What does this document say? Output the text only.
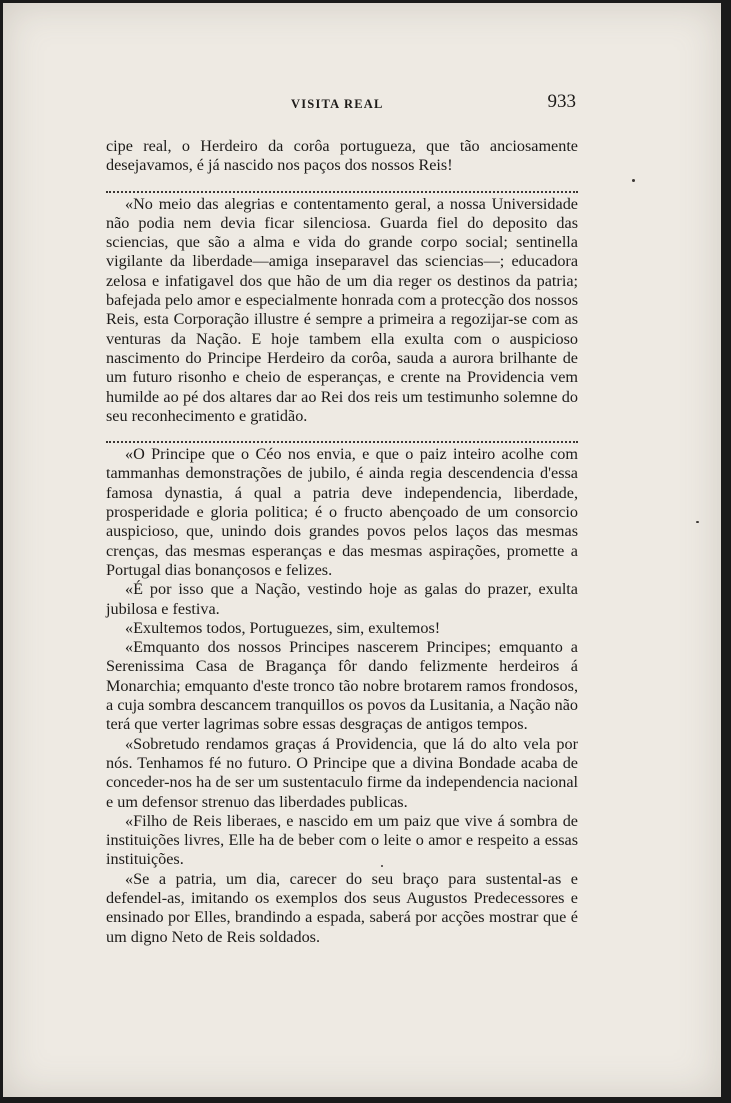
VISITA REAL	933

cipe real, o Herdeiro da corôa portugueza, que tão anciosamente desejavamos, é já nascido nos paços dos nossos Reis!

«No meio das alegrias e contentamento geral, a nossa Universidade não podia nem devia ficar silenciosa. Guarda fiel do deposito das sciencias, que são a alma e vida do grande corpo social; sentinella vigilante da liberdade—amiga inseparavel das sciencias—; educadora zelosa e infatigavel dos que hão de um dia reger os destinos da patria; bafejada pelo amor e especialmente honrada com a protecção dos nossos Reis, esta Corporação illustre é sempre a primeira a regozijar-se com as venturas da Nação. E hoje tambem ella exulta com o auspicioso nascimento do Principe Herdeiro da corôa, sauda a aurora brilhante de um futuro risonho e cheio de esperanças, e crente na Providencia vem humilde ao pé dos altares dar ao Rei dos reis um testimunho solemne do seu reconhecimento e gratidão.

«O Principe que o Céo nos envia, e que o paiz inteiro acolhe com tammanhas demonstrações de jubilo, é ainda regia descendencia d'essa famosa dynastia, á qual a patria deve independencia, liberdade, prosperidade e gloria politica; é o fructo abençoado de um consorcio auspicioso, que, unindo dois grandes povos pelos laços das mesmas crenças, das mesmas esperanças e das mesmas aspirações, promette a Portugal dias bonançosos e felizes.

«É por isso que a Nação, vestindo hoje as galas do prazer, exulta jubilosa e festiva.

«Exultemos todos, Portuguezes, sim, exultemos!

«Emquanto dos nossos Principes nascerem Principes; emquanto a Serenissima Casa de Bragança fôr dando felizmente herdeiros á Monarchia; emquanto d'este tronco tão nobre brotarem ramos frondosos, a cuja sombra descancem tranquillos os povos da Lusitania, a Nação não terá que verter lagrimas sobre essas desgraças de antigos tempos.

«Sobretudo rendamos graças á Providencia, que lá do alto vela por nós. Tenhamos fé no futuro. O Principe que a divina Bondade acaba de conceder-nos ha de ser um sustentaculo firme da independencia nacional e um defensor strenuo das liberdades publicas.

«Filho de Reis liberaes, e nascido em um paiz que vive á sombra de instituições livres, Elle ha de beber com o leite o amor e respeito a essas instituições.

«Se a patria, um dia, carecer do seu braço para sustental-as e defendel-as, imitando os exemplos dos seus Augustos Predecessores e ensinado por Elles, brandindo a espada, saberá por acções mostrar que é um digno Neto de Reis soldados.
